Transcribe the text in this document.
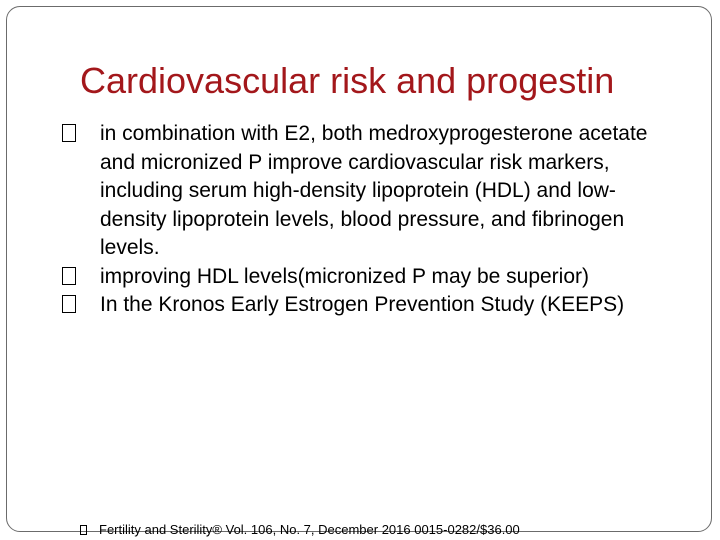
Cardiovascular risk and progestin
in combination with E2, both medroxyprogesterone acetate and micronized P improve cardiovascular risk markers, including serum high-density lipoprotein (HDL) and low-density lipoprotein levels, blood pressure, and fibrinogen levels.
improving HDL levels(micronized P may be superior)
In the Kronos Early Estrogen Prevention Study (KEEPS)
Fertility and Sterility® Vol. 106, No. 7, December 2016 0015-0282/$36.00
